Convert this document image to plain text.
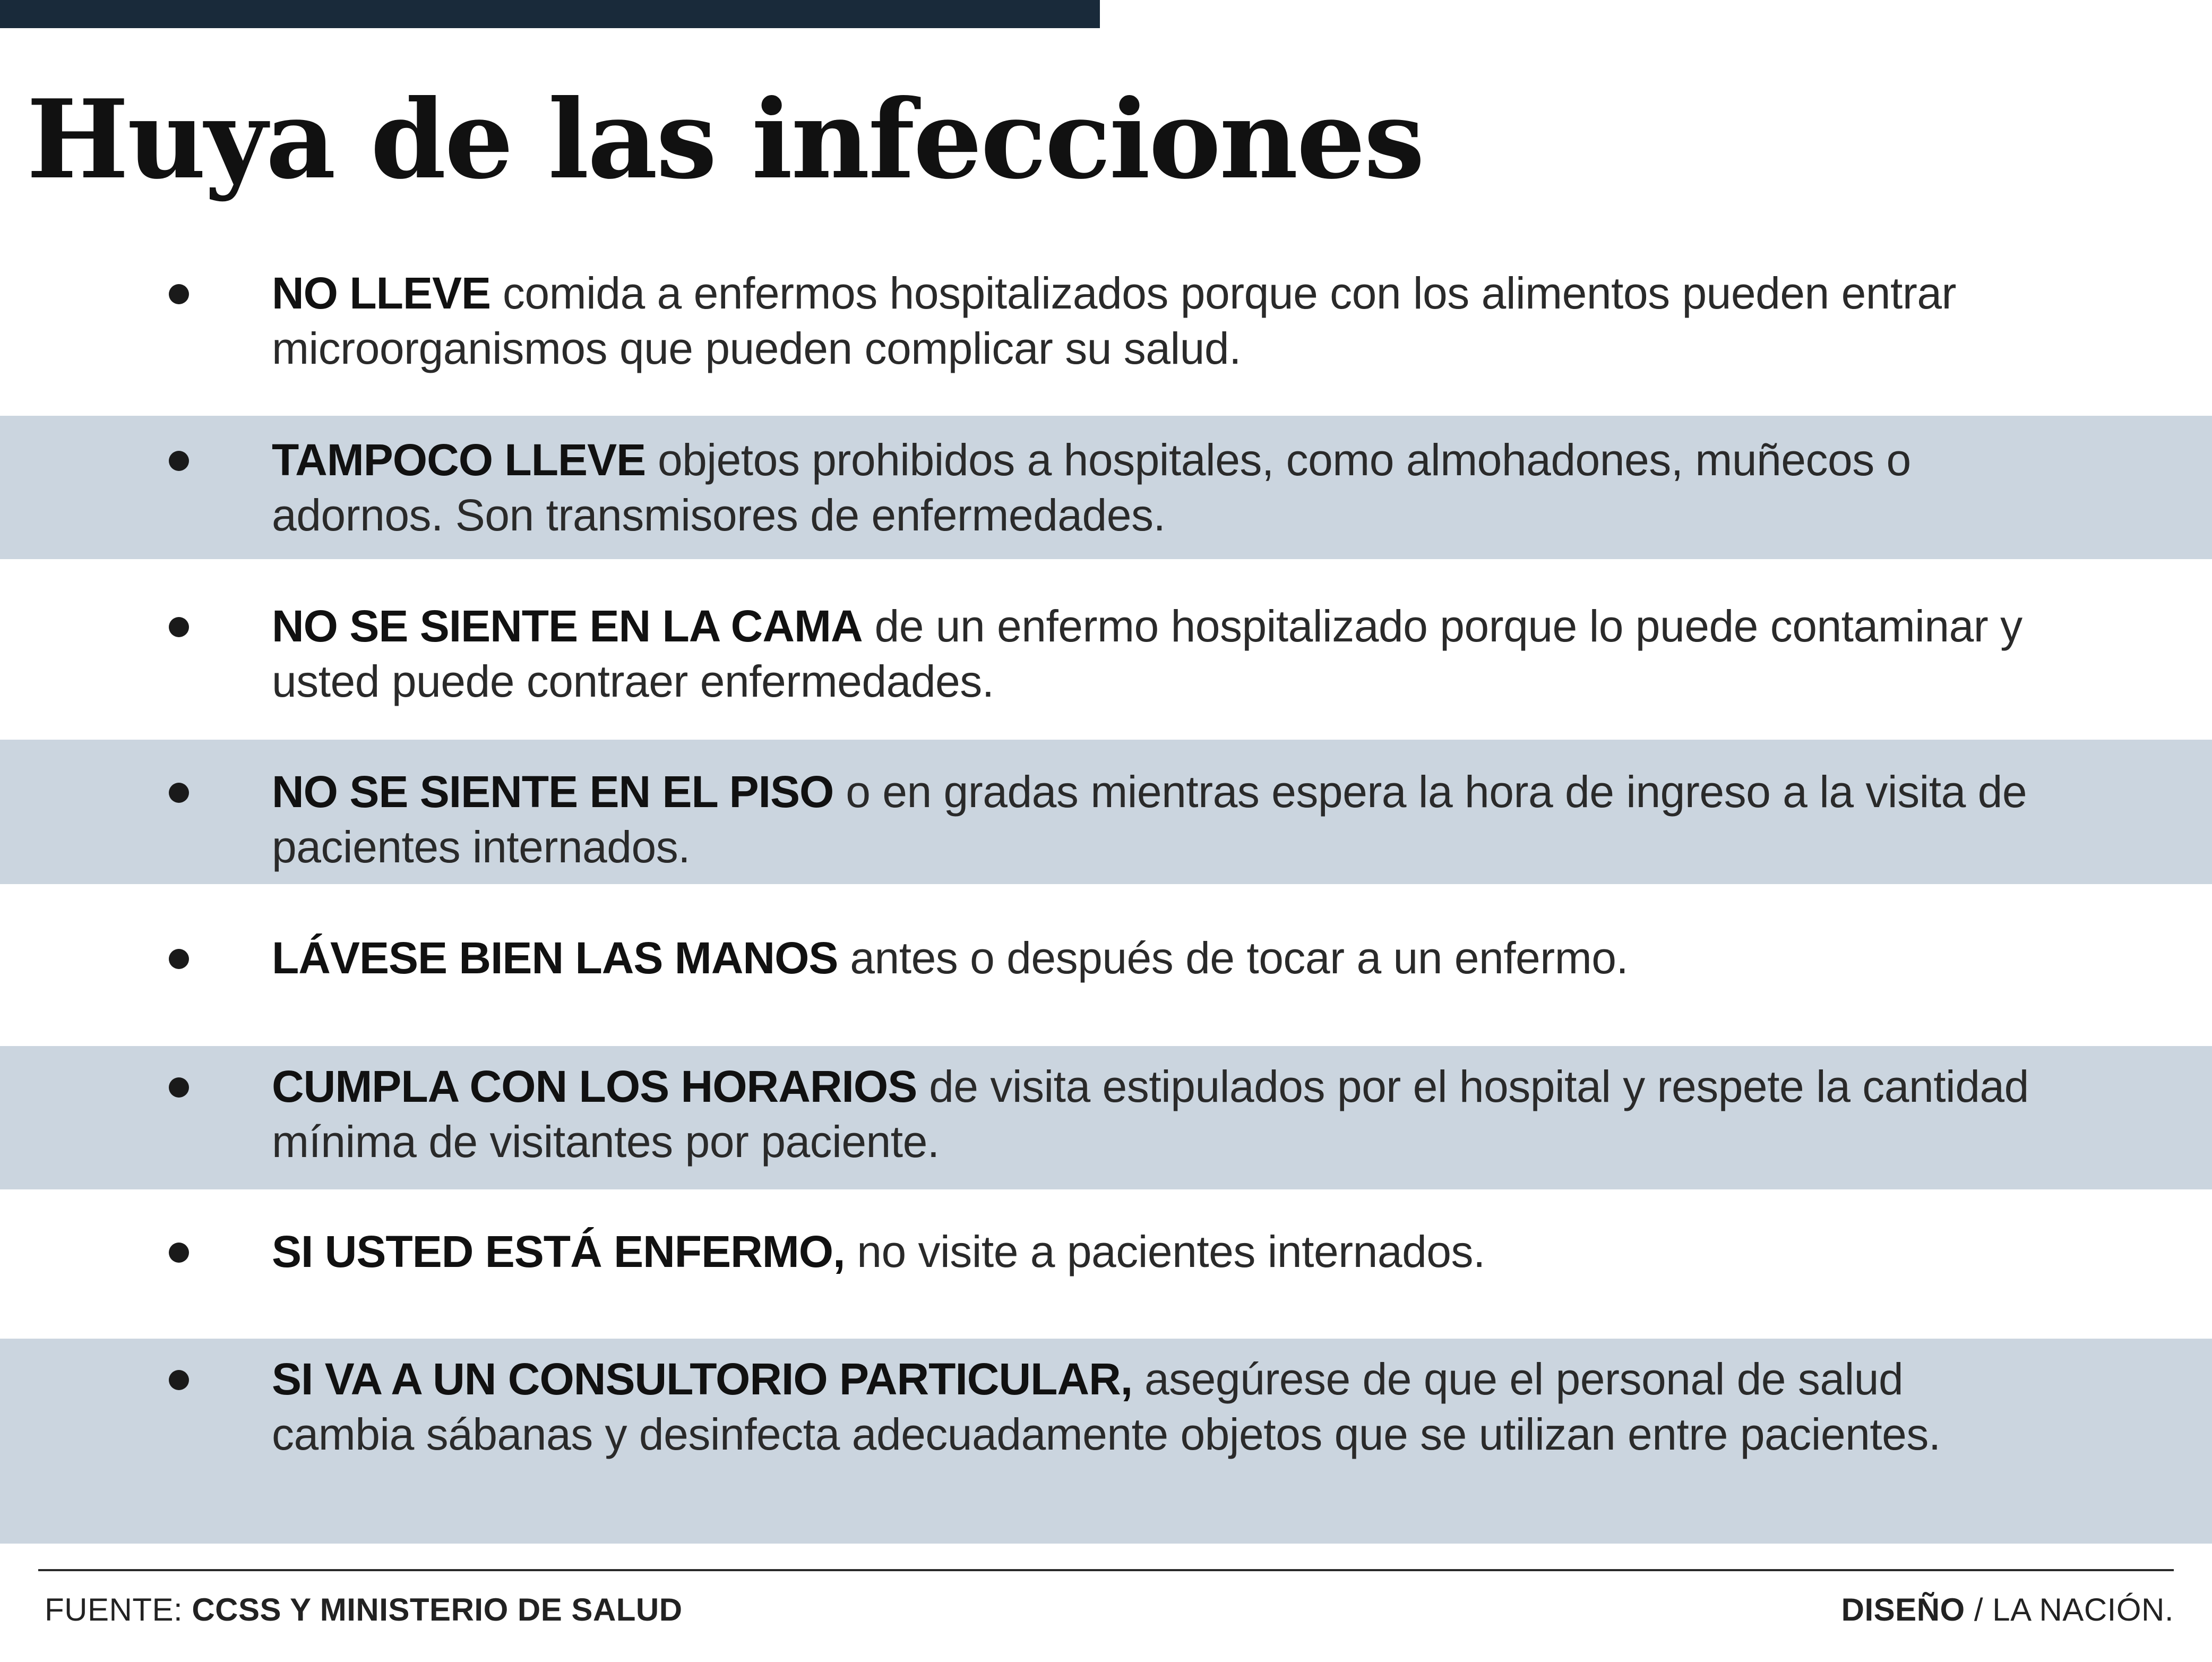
Huya de las infecciones

NO LLEVE comida a enfermos hospitalizados porque con los alimentos pueden entrar microorganismos que pueden complicar su salud.

TAMPOCO LLEVE objetos prohibidos a hospitales, como almohadones, muñecos o adornos. Son transmisores de enfermedades.

NO SE SIENTE EN LA CAMA de un enfermo hospitalizado porque lo puede contaminar y usted puede contraer enfermedades.

NO SE SIENTE EN EL PISO o en gradas mientras espera la hora de ingreso a la visita de pacientes internados.

LÁVESE BIEN LAS MANOS antes o después de tocar a un enfermo.

CUMPLA CON LOS HORARIOS de visita estipulados por el hospital y respete la cantidad mínima de visitantes por paciente.

SI USTED ESTÁ ENFERMO, no visite a pacientes internados.

SI VA A UN CONSULTORIO PARTICULAR, asegúrese de que el personal de salud cambia sábanas y desinfecta adecuadamente objetos que se utilizan entre pacientes.

FUENTE: CCSS Y MINISTERIO DE SALUD	DISEÑO / LA NACIÓN.
